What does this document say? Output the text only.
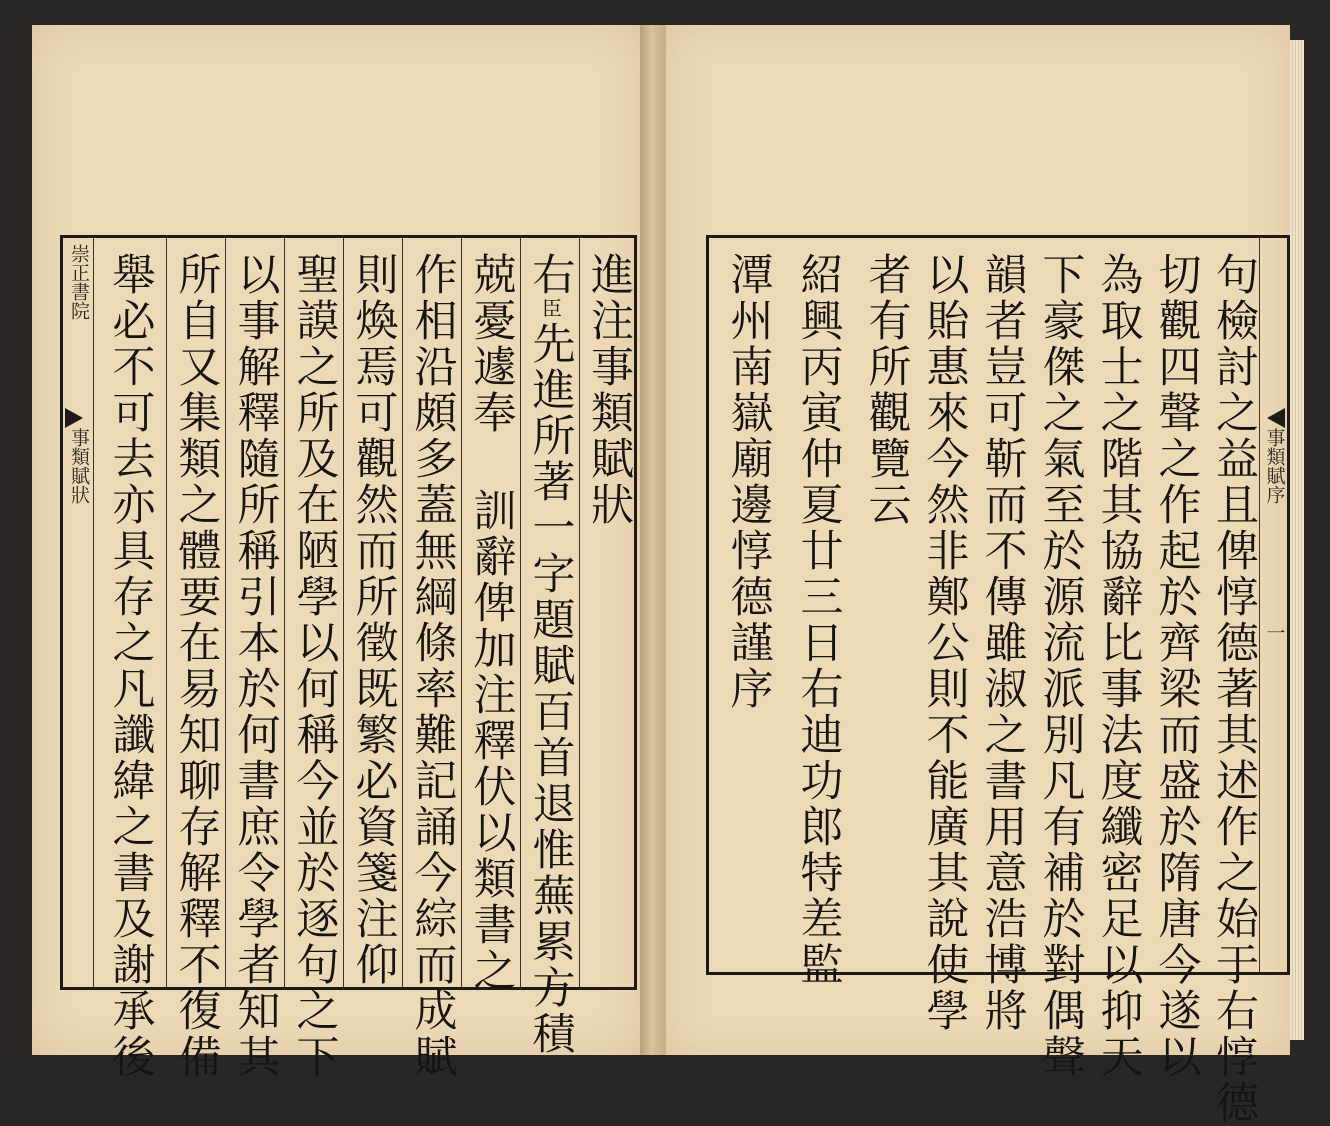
崇正書院
事類賦狀	進注事類賦狀
右臣先進所著一字題賦百首退惟蕪累方積
兢憂遽奉
訓辭俾加注釋伏以類書之
作相沿頗多蓋無綱條率難記誦今綜而成賦
則煥焉可觀然而所徵既繁必資箋注仰
聖謨之所及在陋學以何稱今並於逐句之下
以事解釋隨所稱引本於何書庶令學者知其
所自又集類之體要在易知聊存解釋不復備
舉必不可去亦具存之凡讖緯之書及謝承後	事類賦序
一
句檢討之益且俾惇德著其述作之始于右惇德
切觀四聲之作起於齊梁而盛於隋唐今遂以
為取士之階其協辭比事法度纖密足以抑天
下豪傑之氣至於源流派別凡有補於對偶聲
韻者豈可靳而不傳雖淑之書用意浩博將
以貽惠來今然非鄭公則不能廣其說使學
者有所觀覽云
紹興丙寅仲夏廿三日右迪功郎特差監
潭州南嶽廟邊惇德謹序
